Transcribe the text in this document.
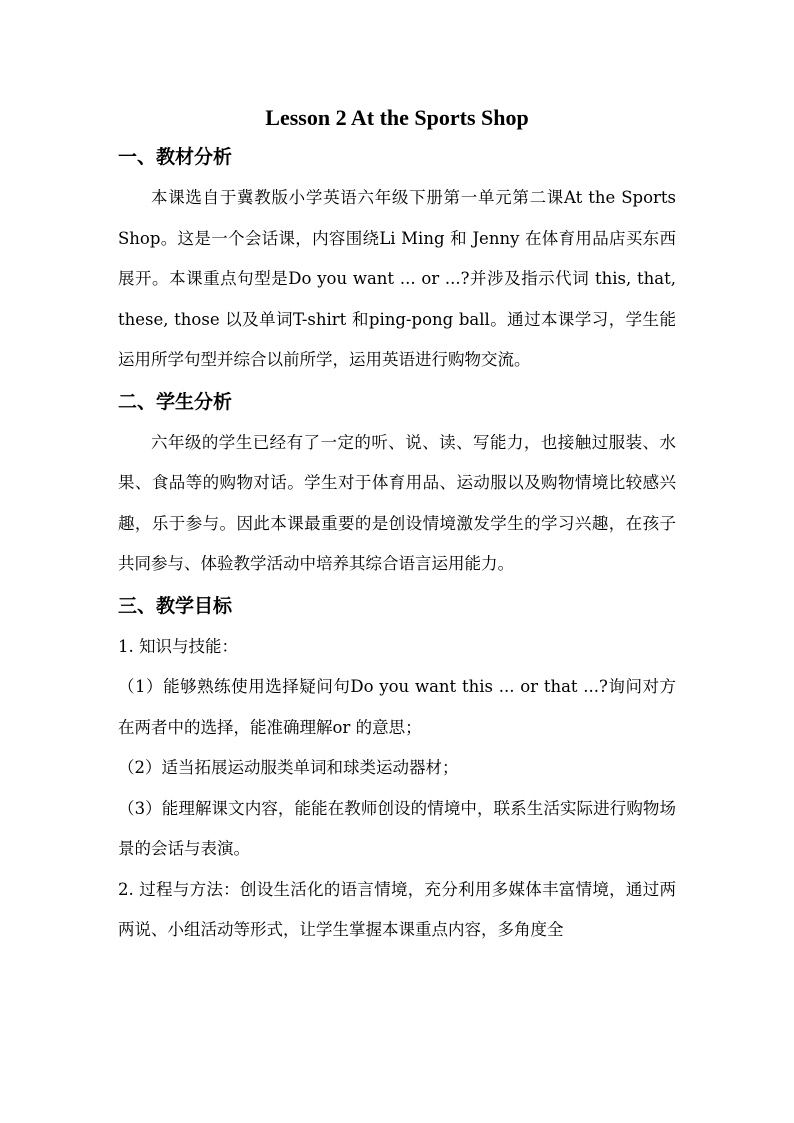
Lesson 2 At the Sports Shop
一、教材分析

本课选自于冀教版小学英语六年级下册第一单元第二课At the Sports Shop。这是一个会话课，内容围绕Li Ming 和 Jenny 在体育用品店买东西展开。本课重点句型是Do you want ... or ...?并涉及指示代词 this, that, these, those 以及单词T-shirt 和ping-pong ball。通过本课学习，学生能运用所学句型并综合以前所学，运用英语进行购物交流。

二、学生分析

六年级的学生已经有了一定的听、说、读、写能力，也接触过服装、水果、食品等的购物对话。学生对于体育用品、运动服以及购物情境比较感兴趣，乐于参与。因此本课最重要的是创设情境激发学生的学习兴趣，在孩子共同参与、体验教学活动中培养其综合语言运用能力。

三、教学目标

1. 知识与技能：

（1）能够熟练使用选择疑问句Do you want this ... or that ...?询问对方在两者中的选择，能准确理解or 的意思；

（2）适当拓展运动服类单词和球类运动器材；

（3）能理解课文内容，能能在教师创设的情境中，联系生活实际进行购物场景的会话与表演。

2. 过程与方法：创设生活化的语言情境，充分利用多媒体丰富情境，通过两两说、小组活动等形式，让学生掌握本课重点内容，多角度全
